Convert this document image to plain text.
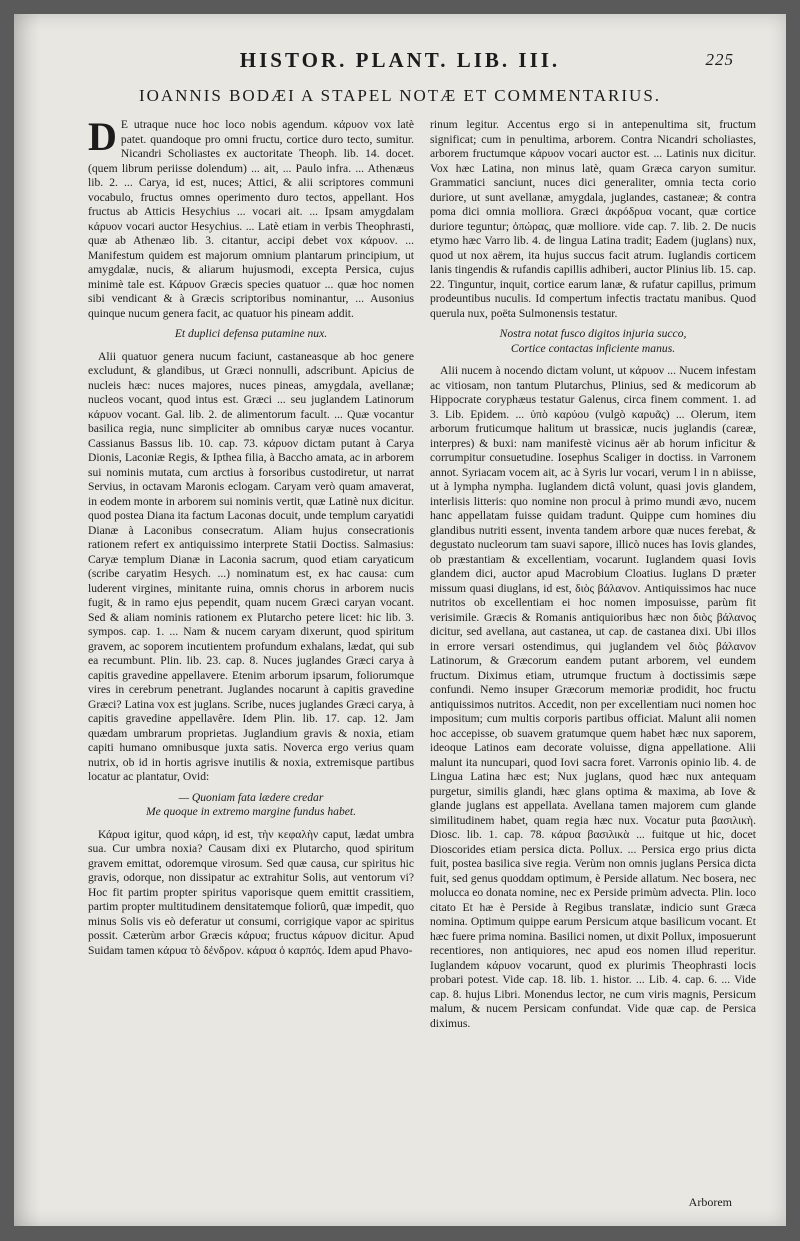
HISTOR. PLANT. LIB. III.	225
IOANNIS BODÆI A STAPEL NOTÆ ET COMMENTARIUS.

D E utraque nuce hoc loco nobis agendum. κάρυον vox latè patet. quandoque pro omni fructu, cortice duro tecto, sumitur. Nicandri Scholiastes ex auctoritate Theoph. lib. 14. docet. (quem librum periisse dolendum) ... ait, ... Paulo infra. ... Athenæus lib. 2. ... Carya, id est, nuces; Attici, & alii scriptores communi vocabulo, fructus omnes operimento duro tectos, appellant. Hos fructus ab Atticis Hesychius ... vocari ait. ... Ipsam amygdalam κάρυον vocari auctor Hesychius. ... Latè etiam in verbis Theophrasti, quæ ab Athenæo lib. 3. citantur, accipi debet vox κάρυον. ... Manifestum quidem est majorum omnium plantarum principium, ut amygdalæ, nucis, & aliarum hujusmodi, excepta Persica, cujus minimè tale est. Κάρυον Græcis species quatuor ... quæ hoc nomen sibi vendicant & à Græcis scriptoribus nominantur, ... Ausonius quinque nucum genera facit, ac quatuor his pineam addit.

Et duplici defensa putamine nux.

Alii quatuor genera nucum faciunt, castaneasque ab hoc genere excludunt, & glandibus, ut Græci nonnulli, adscribunt. Apicius de nucleis hæc: nuces majores, nuces pineas, amygdala, avellanæ; nucleos vocant, quod intus est. Græci ... seu juglandem Latinorum κάρυον vocant. Gal. lib. 2. de alimentorum facult. ... Quæ vocantur basilica regia, nunc simpliciter ab omnibus caryæ nuces vocantur. Cassianus Bassus lib. 10. cap. 73. κάρυον dictam putant à Carya Dionis, Laconiæ Regis, & Ipthea filia, à Baccho amata, ac in arborem sui nominis mutata, cum arctius à forsoribus custodiretur, ut narrat Servius, in octavam Maronis eclogam. Caryam verò quam amaverat, in eodem monte in arborem sui nominis vertit, quæ Latinè nux dicitur. quod postea Diana ita factum Laconas docuit, unde templum caryatidi Dianæ à Laconibus consecratum. Aliam hujus consecrationis rationem refert ex antiquissimo interprete Statii Doctiss. Salmasius: Caryæ templum Dianæ in Laconia sacrum, quod etiam caryaticum (scribe caryatim Hesych. ...) nominatum est, ex hac causa: cum luderent virgines, minitante ruina, omnis chorus in arborem nucis fugit, & in ramo ejus pependit, quam nucem Græci caryan vocant. Sed & aliam nominis rationem ex Plutarcho petere licet: hic lib. 3. sympos. cap. 1. ... Nam & nucem caryam dixerunt, quod spiritum gravem, ac soporem incutientem profundum exhalans, lædat, qui sub ea recumbunt. Plin. lib. 23. cap. 8. Nuces juglandes Græci carya à capitis gravedine appellavere. Etenim arborum ipsarum, foliorumque vires in cerebrum penetrant. Juglandes nocarunt à capitis gravedine Græci? Latina vox est juglans. Scribe, nuces juglandes Græci carya, à capitis gravedine appellavêre. Idem Plin. lib. 17. cap. 12. Jam quædam umbrarum proprietas. Juglandium gravis & noxia, etiam capiti humano omnibusque juxta satis. Noverca ergo verius quam nutrix, ob id in hortis agrisve inutilis & noxia, extremisque partibus locatur ac plantatur, Ovid:

— Quoniam fata lædere credar
Me quoque in extremo margine fundus habet.

Κάρυα igitur, quod κάρη, id est, τὴν κεφαλὴν caput, lædat umbra sua. Cur umbra noxia? Causam dixi ex Plutarcho, quod spiritum gravem emittat, odoremque virosum. Sed quæ causa, cur spiritus hic gravis, odorque, non dissipatur ac extrahitur Solis, aut ventorum vi? Hoc fit partim propter spiritus vaporisque quem emittit crassitiem, partim propter multitudinem densitatemque foliorû, quæ impedit, quo minus Solis vis eò deferatur ut consumi, corrigique vapor ac spiritus possit. Cæterùm arbor Græcis κάρυα; fructus κάρυον dicitur. Apud Suidam tamen κάρυα τὸ δένδρον. κάρυα ὁ καρπός. Idem apud Phavo-

rinum legitur. Accentus ergo si in antepenultima sit, fructum significat; cum in penultima, arborem. Contra Nicandri scholiastes, arborem fructumque κάρυον vocari auctor est. ... Latinis nux dicitur. Vox hæc Latina, non minus latè, quam Græca caryon sumitur. Grammatici sanciunt, nuces dici generaliter, omnia tecta corio duriore, ut sunt avellanæ, amygdala, juglandes, castaneæ; & contra poma dici omnia molliora. Græci ἀκρόδρυα vocant, quæ cortice duriore teguntur; ὀπώρας, quæ molliore. vide cap. 7. lib. 2. De nucis etymo hæc Varro lib. 4. de lingua Latina tradit; Eadem (juglans) nux, quod ut nox aërem, ita hujus succus facit atrum. Iuglandis corticem lanis tingendis & rufandis capillis adhiberi, auctor Plinius lib. 15. cap. 22. Tinguntur, inquit, cortice earum lanæ, & rufatur capillus, primum prodeuntibus nuculis. Id compertum infectis tractatu manibus. Quod querula nux, poëta Sulmonensis testatur.

Nostra notat fusco digitos injuria succo,
Cortice contactas inficiente manus.

Alii nucem à nocendo dictam volunt, ut κάρυον ... Nucem infestam ac vitiosam, non tantum Plutarchus, Plinius, sed & medicorum ab Hippocrate coryphæus testatur Galenus, circa finem comment. 1. ad 3. Lib. Epidem. ... ὑπὸ καρύου (vulgò καρυᾶς) ... Olerum, item arborum fruticumque halitum ut brassicæ, nucis juglandis (careæ, interpres) & buxi: nam manifestè vicinus aër ab horum inficitur & corrumpitur consuetudine. Iosephus Scaliger in doctiss. in Varronem annot. Syriacam vocem ait, ac à Syris lur vocari, verum l in n abiisse, ut à lympha nympha. Iuglandem dictâ volunt, quasi jovis glandem, interlisis litteris: quo nomine non procul à primo mundi ævo, nucem hanc appellatam fuisse quidam tradunt. Quippe cum homines diu glandibus nutriti essent, inventa tandem arbore quæ nuces ferebat, & degustato nucleorum tam suavi sapore, illicò nuces has Iovis glandes, ob præstantiam & excellentiam, vocarunt. Iuglandem quasi Iovis glandem dici, auctor apud Macrobium Cloatius. Iuglans D præter missum quasi diuglans, id est, διὸς βάλανον. Antiquissimos hac nuce nutritos ob excellentiam ei hoc nomen imposuisse, parùm fit verisimile. Græcis & Romanis antiquioribus hæc non διὸς βάλανος dicitur, sed avellana, aut castanea, ut cap. de castanea dixi. Ubi illos in errore versari ostendimus, qui juglandem vel διὸς βάλανον Latinorum, & Græcorum eandem putant arborem, vel eundem fructum. Diximus etiam, utrumque fructum à doctissimis sæpe confundi. Nemo insuper Græcorum memoriæ prodidit, hoc fructu antiquissimos nutritos. Accedit, non per excellentiam nuci nomen hoc impositum; cum multis corporis partibus officiat. Malunt alii nomen hoc accepisse, ob suavem gratumque quem habet hæc nux saporem, ideoque Latinos eam decorate voluisse, digna appellatione. Alii malunt ita nuncupari, quod Iovi sacra foret. Varronis opinio lib. 4. de Lingua Latina hæc est; Nux juglans, quod hæc nux antequam purgetur, similis glandi, hæc glans optima & maxima, ab Iove & glande juglans est appellata. Avellana tamen majorem cum glande similitudinem habet, quam regia hæc nux. Vocatur puta βασιλικὴ. Diosc. lib. 1. cap. 78. κάρυα βασιλικὰ ... fuitque ut hic, docet Dioscorides etiam persica dicta. Pollux. ... Persica ergo prius dicta fuit, postea basilica sive regia. Verùm non omnis juglans Persica dicta fuit, sed genus quoddam optimum, è Perside allatum. Nec bosera, nec molucca eo donata nomine, nec ex Perside primùm advecta. Plin. loco citato Et hæ è Perside à Regibus translatæ, indicio sunt Græca nomina. Optimum quippe earum Persicum atque basilicum vocant. Et hæc fuere prima nomina. Basilici nomen, ut dixit Pollux, imposuerunt recentiores, non antiquiores, nec apud eos nomen illud reperitur. Iuglandem κάρυον vocarunt, quod ex plurimis Theophrasti locis probari potest. Vide cap. 18. lib. 1. histor. ... Lib. 4. cap. 6. ... Vide cap. 8. hujus Libri. Monendus lector, ne cum viris magnis, Persicum malum, & nucem Persicam confundat. Vide quæ cap. de Persica diximus.

Arborem
